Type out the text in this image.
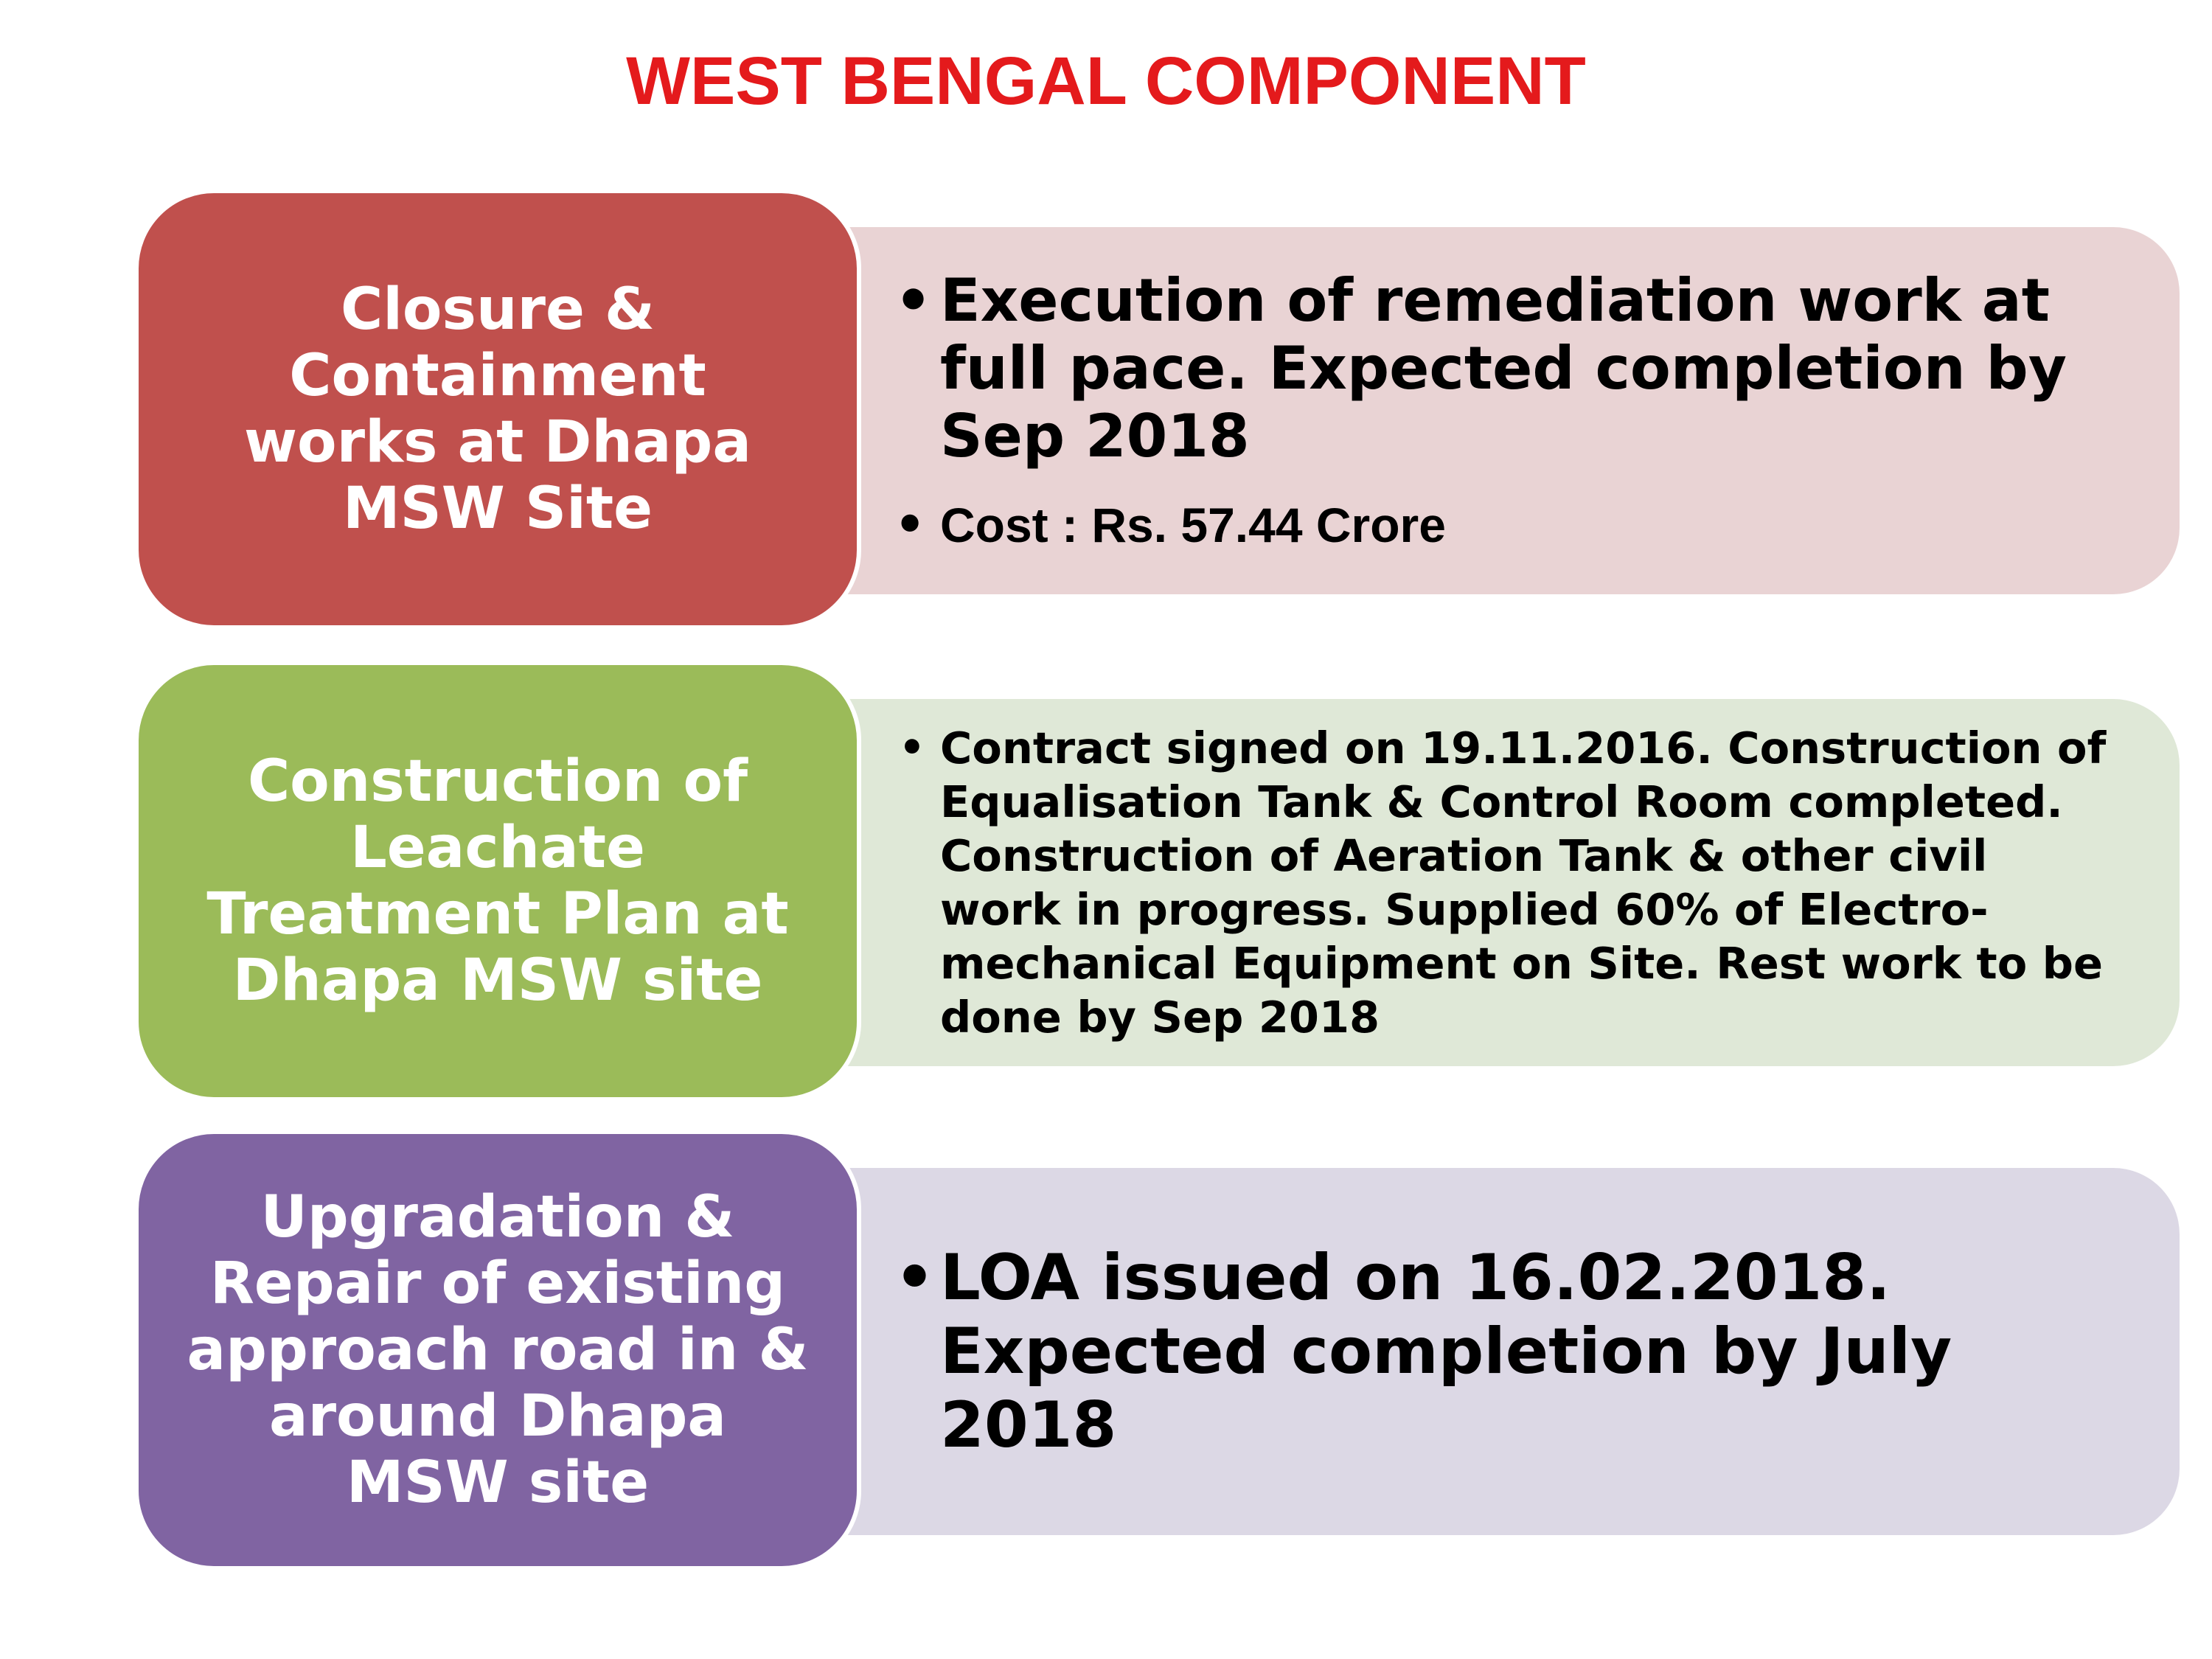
WEST BENGAL COMPONENT
• Execution of remediation work at full pace. Expected completion by Sep 2018
• Cost : Rs. 57.44 Crore
Closure & Containment works at Dhapa MSW Site
• Contract signed on 19.11.2016. Construction of Equalisation Tank & Control Room completed. Construction of Aeration Tank & other civil work in progress. Supplied 60% of Electro-mechanical Equipment on Site. Rest work to be done by Sep 2018
Construction of Leachate Treatment Plan at Dhapa MSW site
• LOA issued on 16.02.2018. Expected completion by July 2018
Upgradation & Repair of existing approach road in & around Dhapa MSW site
